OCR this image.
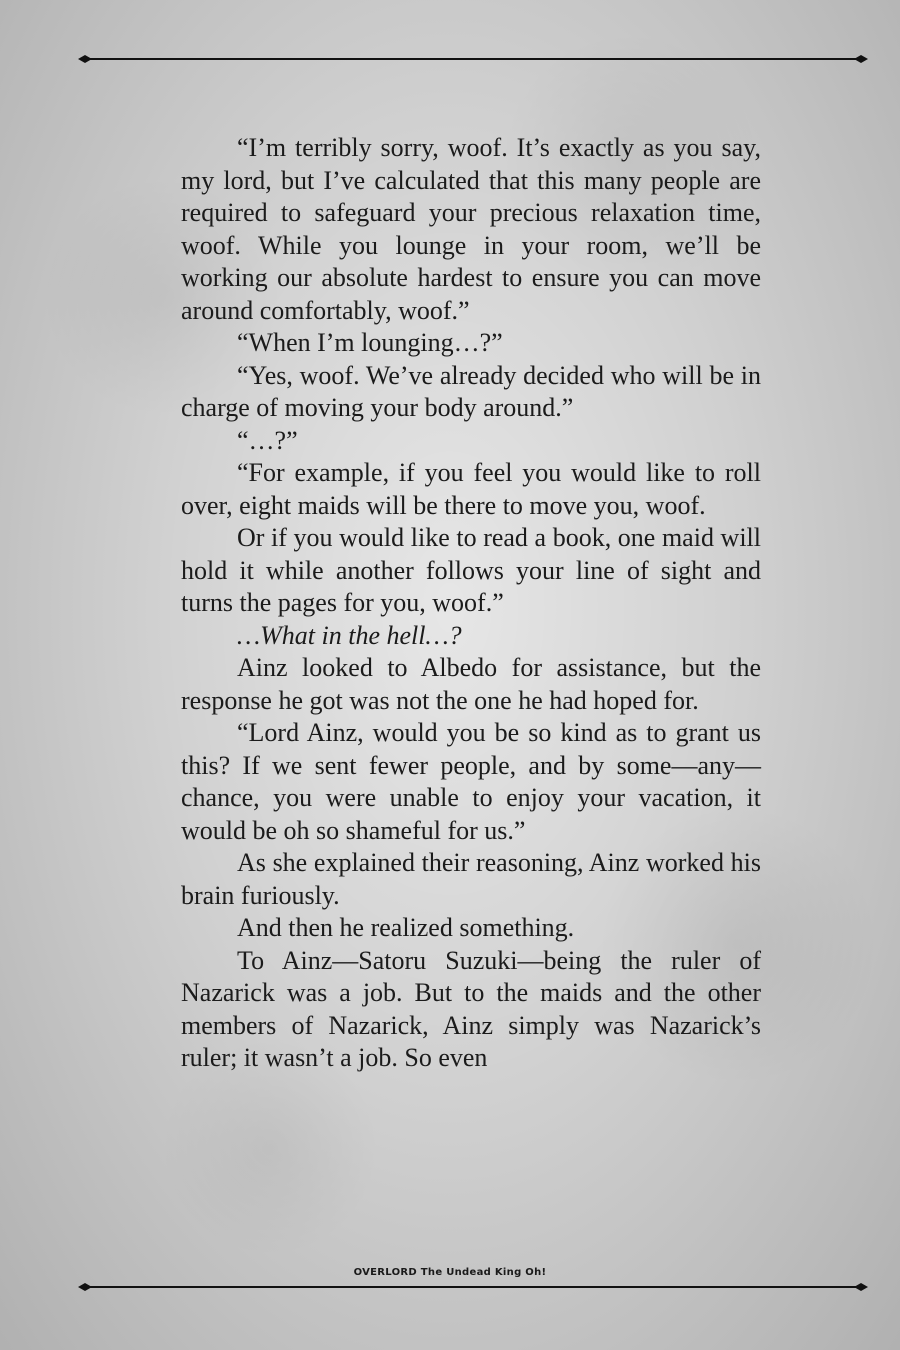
“I’m terribly sorry, woof. It’s exactly as you say, my lord, but I’ve calculated that this many people are required to safeguard your precious relaxation time, woof. While you lounge in your room, we’ll be working our absolute hardest to ensure you can move around comfortably, woof.”

“When I’m lounging…?”

“Yes, woof. We’ve already decided who will be in charge of moving your body around.”

“…?”

“For example, if you feel you would like to roll over, eight maids will be there to move you, woof.

Or if you would like to read a book, one maid will hold it while another follows your line of sight and turns the pages for you, woof.”

…What in the hell…?

Ainz looked to Albedo for assistance, but the response he got was not the one he had hoped for.

“Lord Ainz, would you be so kind as to grant us this? If we sent fewer people, and by some—any—chance, you were unable to enjoy your vacation, it would be oh so shameful for us.”

As she explained their reasoning, Ainz worked his brain furiously.

And then he realized something.

To Ainz—Satoru Suzuki—being the ruler of Nazarick was a job. But to the maids and the other members of Nazarick, Ainz simply was Nazarick’s ruler; it wasn’t a job. So even

OVERLORD The Undead King Oh!
